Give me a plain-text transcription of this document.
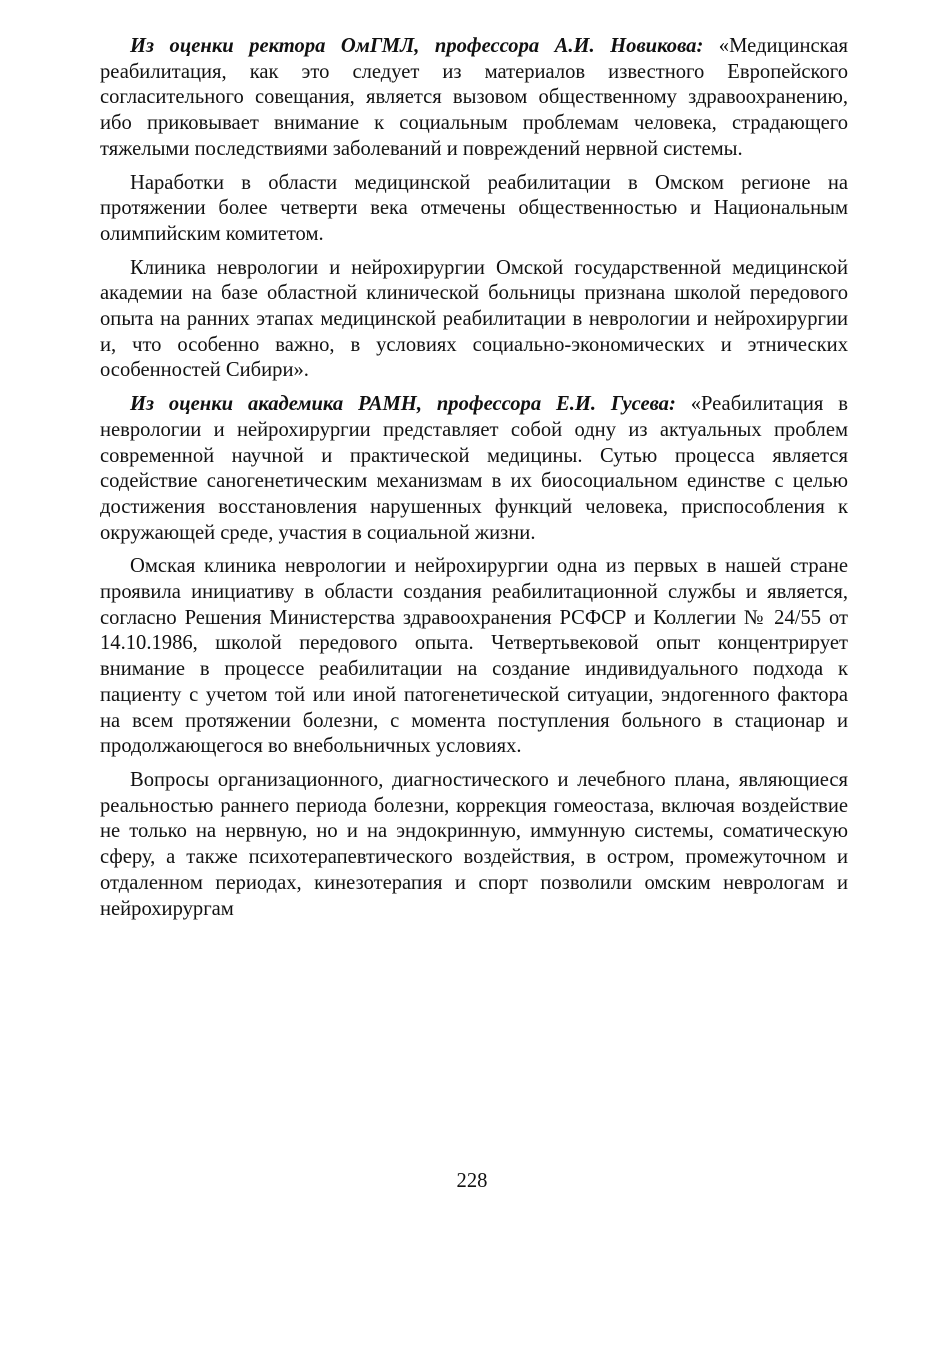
Из оценки ректора ОмГМЛ, профессора А.И. Новикова: «Медицинская реабилитация, как это следует из материалов известного Европейского согласительного совещания, является вызовом общественному здравоохранению, ибо приковывает внимание к социальным проблемам человека, страдающего тяжелыми последствиями заболеваний и повреждений нервной системы.

Наработки в области медицинской реабилитации в Омском регионе на протяжении более четверти века отмечены общественностью и Национальным олимпийским комитетом.

Клиника неврологии и нейрохирургии Омской государственной медицинской академии на базе областной клинической больницы признана школой передового опыта на ранних этапах медицинской реабилитации в неврологии и нейрохирургии и, что особенно важно, в условиях социально-экономических и этнических особенностей Сибири».

Из оценки академика РАМН, профессора Е.И. Гусева: «Реабилитация в неврологии и нейрохирургии представляет собой одну из актуальных проблем современной научной и практической медицины. Сутью процесса является содействие саногенетическим механизмам в их биосоциальном единстве с целью достижения восстановления нарушенных функций человека, приспособления к окружающей среде, участия в социальной жизни.

Омская клиника неврологии и нейрохирургии одна из первых в нашей стране проявила инициативу в области создания реабилитационной службы и является, согласно Решения Министерства здравоохранения РСФСР и Коллегии № 24/55 от 14.10.1986, школой передового опыта. Четвертьвековой опыт концентрирует внимание в процессе реабилитации на создание индивидуального подхода к пациенту с учетом той или иной патогенетической ситуации, эндогенного фактора на всем протяжении болезни, с момента поступления больного в стационар и продолжающегося во внебольничных условиях.

Вопросы организационного, диагностического и лечебного плана, являющиеся реальностью раннего периода болезни, коррекция гомеостаза, включая воздействие не только на нервную, но и на эндокринную, иммунную системы, соматическую сферу, а также психотерапевтического воздействия, в остром, промежуточном и отдаленном периодах, кинезотерапия и спорт позволили омским неврологам и нейрохирургам

228
